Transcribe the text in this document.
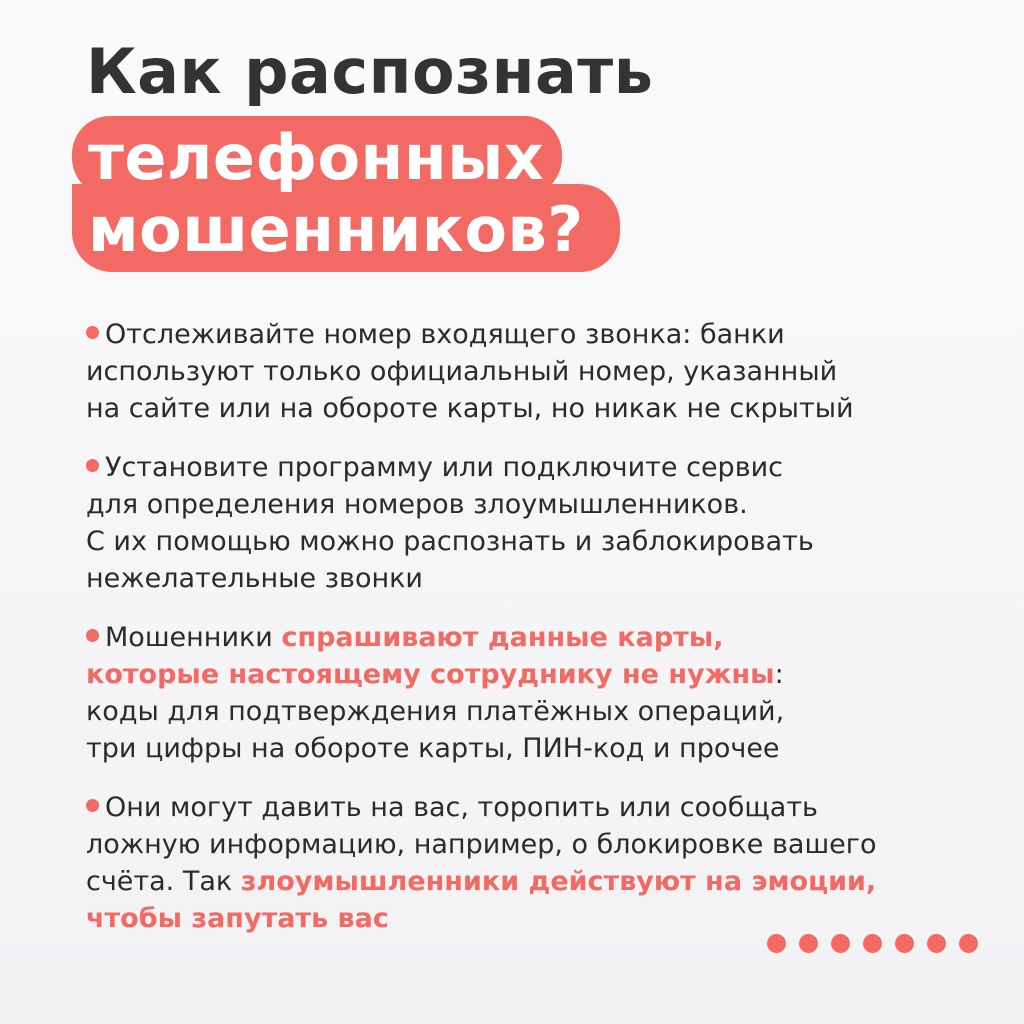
Как распознать

телефонных

мошенников?

Отслеживайте номер входящего звонка: банки
используют только официальный номер, указанный
на сайте или на обороте карты, но никак не скрытый
Установите программу или подключите сервис
для определения номеров злоумышленников.
С их помощью можно распознать и заблокировать
нежелательные звонки
Мошенники спрашивают данные карты,
которые настоящему сотруднику не нужны:
коды для подтверждения платёжных операций,
три цифры на обороте карты, ПИН-код и прочее
Они могут давить на вас, торопить или сообщать
ложную информацию, например, о блокировке вашего
счёта. Так злоумышленники действуют на эмоции,
чтобы запутать вас
